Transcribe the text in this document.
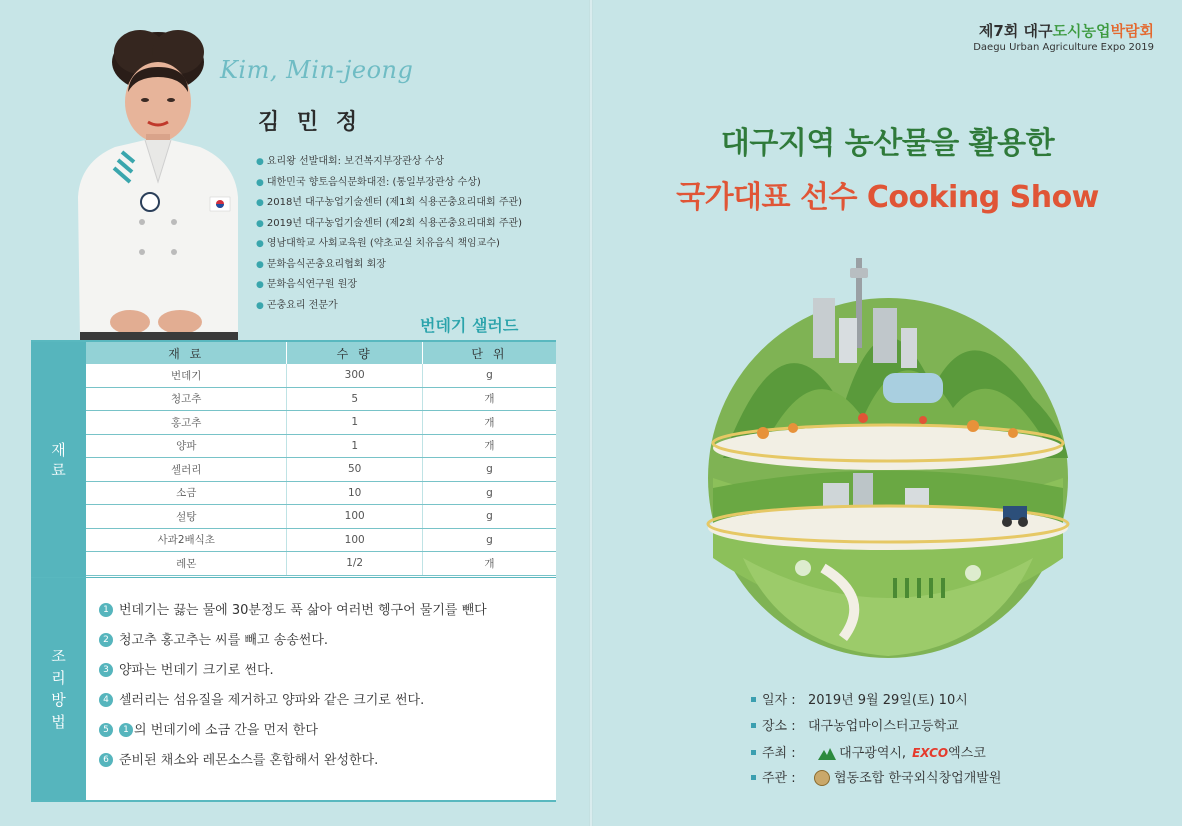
Kim, Min-jeong
김 민 정
● 요리왕 선발대회: 보건복지부장관상 수상
● 대한민국 향토음식문화대전: (통일부장관상 수상)
● 2018년 대구농업기술센터 (제1회 식용곤충요리대회 주관)
● 2019년 대구농업기술센터 (제2회 식용곤충요리대회 주관)
● 영남대학교 사회교육원 (약초교실 치유음식 책임교수)
● 문화음식곤충요리협회 회장
● 문화음식연구원 원장
● 곤충요리 전문가
번데기 샐러드
재
료
재 료	수 량	단 위
번데기	300	g
청고추	5	개
홍고추	1	개
양파	1	개
셀러리	50	g
소금	10	g
설탕	100	g
사과2배식초	100	g
레몬	1/2	개
조
리
방
법
1 번데기는 끓는 물에 30분정도 푹 삶아 여러번 헹구어 물기를 뺀다
2 청고추 홍고추는 씨를 빼고 송송썬다.
3 양파는 번데기 크기로 썬다.
4 셀러리는 섬유질을 제거하고 양파와 같은 크기로 썬다.
5 1 의 번데기에 소금 간을 먼저 한다
6 준비된 채소와 레몬소스를 혼합해서 완성한다.
제7회 대구도시농업박람회
Daegu Urban Agriculture Expo 2019
대구지역 농산물을 활용한
국가대표 선수 Cooking Show
일자 : 2019년 9월 29일(토) 10시
장소 : 대구농업마이스터고등학교
주최 :	대구광역시, EXCO엑스코
주관 :	협동조합 한국외식창업개발원
